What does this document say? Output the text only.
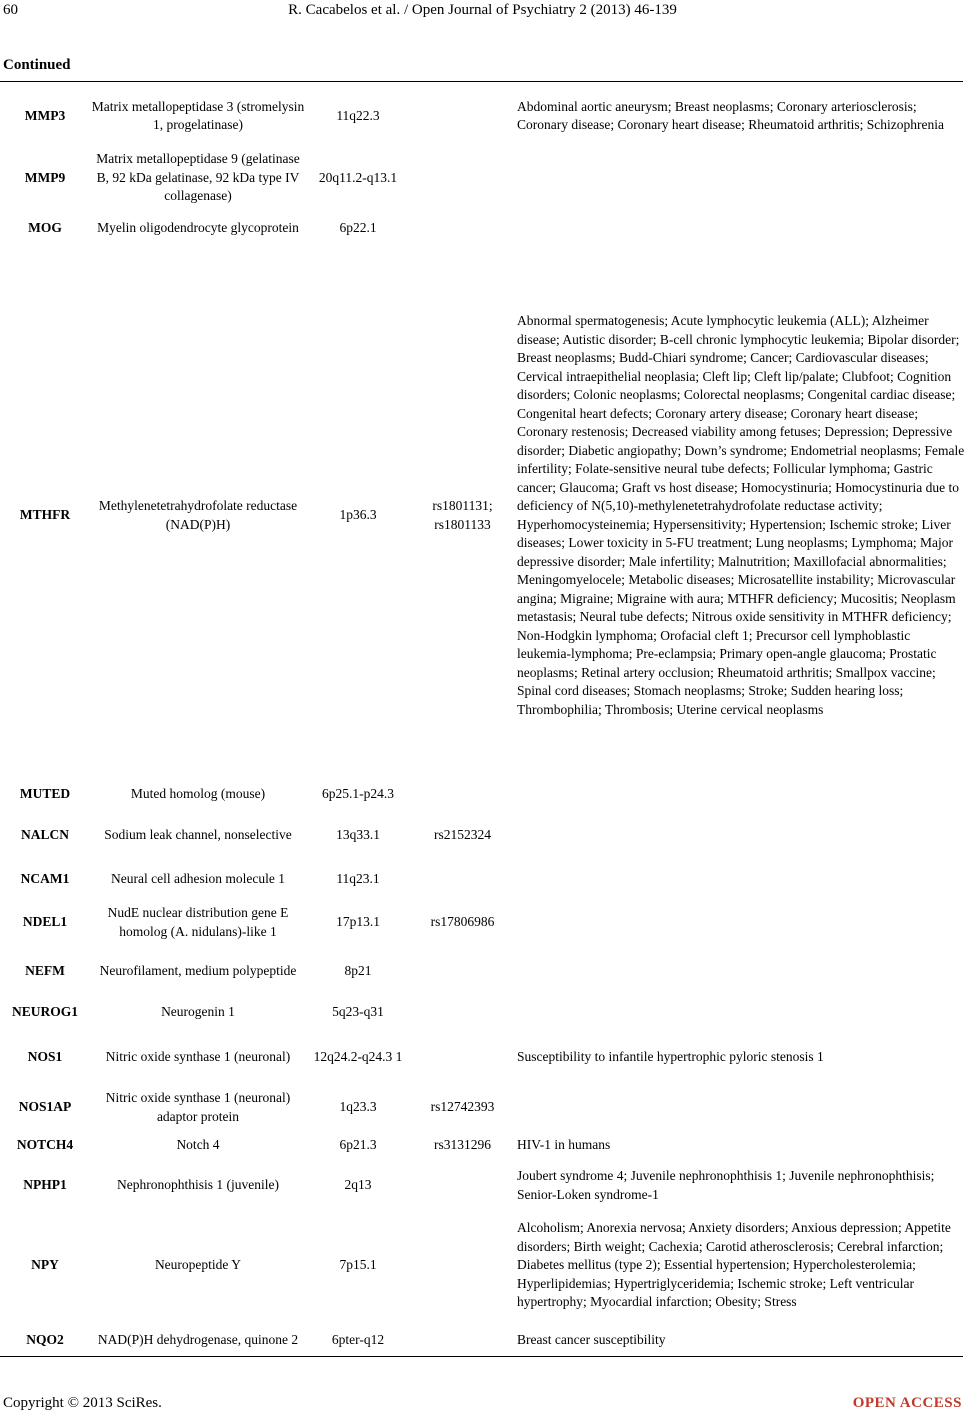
60	R. Cacabelos et al. / Open Journal of Psychiatry 2 (2013) 46-139
Continued
MMP3	Matrix metallopeptidase 3 (stromelysin 1, progelatinase)	11q22.3		Abdominal aortic aneurysm; Breast neoplasms; Coronary arteriosclerosis; Coronary disease; Coronary heart disease; Rheumatoid arthritis; Schizophrenia
MMP9	Matrix metallopeptidase 9 (gelatinase B, 92 kDa gelatinase, 92 kDa type IV collagenase)	20q11.2-q13.1		
MOG	Myelin oligodendrocyte glycoprotein	6p22.1		
MTHFR	Methylenetetrahydrofolate reductase (NAD(P)H)	1p36.3	rs1801131; rs1801133	Abnormal spermatogenesis; Acute lymphocytic leukemia (ALL); Alzheimer disease; Autistic disorder; B-cell chronic lymphocytic leukemia; Bipolar disorder; Breast neoplasms; Budd-Chiari syndrome; Cancer; Cardiovascular diseases; Cervical intraepithelial neoplasia; Cleft lip; Cleft lip/palate; Clubfoot; Cognition disorders; Colonic neoplasms; Colorectal neoplasms; Congenital cardiac disease; Congenital heart defects; Coronary artery disease; Coronary heart disease; Coronary restenosis; Decreased viability among fetuses; Depression; Depressive disorder; Diabetic angiopathy; Down’s syndrome; Endometrial neoplasms; Female infertility; Folate-sensitive neural tube defects; Follicular lymphoma; Gastric cancer; Glaucoma; Graft vs host disease; Homocystinuria; Homocystinuria due to deficiency of N(5,10)-methylenetetrahydrofolate reductase activity; Hyperhomocysteinemia; Hypersensitivity; Hypertension; Ischemic stroke; Liver diseases; Lower toxicity in 5-FU treatment; Lung neoplasms; Lymphoma; Major depressive disorder; Male infertility; Malnutrition; Maxillofacial abnormalities; Meningomyelocele; Metabolic diseases; Microsatellite instability; Microvascular angina; Migraine; Migraine with aura; MTHFR deficiency; Mucositis; Neoplasm metastasis; Neural tube defects; Nitrous oxide sensitivity in MTHFR deficiency; Non-Hodgkin lymphoma; Orofacial cleft 1; Precursor cell lymphoblastic leukemia-lymphoma; Pre-eclampsia; Primary open-angle glaucoma; Prostatic neoplasms; Retinal artery occlusion; Rheumatoid arthritis; Smallpox vaccine; Spinal cord diseases; Stomach neoplasms; Stroke; Sudden hearing loss; Thrombophilia; Thrombosis; Uterine cervical neoplasms
MUTED	Muted homolog (mouse)	6p25.1-p24.3		
NALCN	Sodium leak channel, nonselective	13q33.1	rs2152324	
NCAM1	Neural cell adhesion molecule 1	11q23.1		
NDEL1	NudE nuclear distribution gene E homolog (A. nidulans)-like 1	17p13.1	rs17806986	
NEFM	Neurofilament, medium polypeptide	8p21		
NEUROG1	Neurogenin 1	5q23-q31		
NOS1	Nitric oxide synthase 1 (neuronal)	12q24.2-q24.3 1		Susceptibility to infantile hypertrophic pyloric stenosis 1
NOS1AP	Nitric oxide synthase 1 (neuronal) adaptor protein	1q23.3	rs12742393	
NOTCH4	Notch 4	6p21.3	rs3131296	HIV-1 in humans
NPHP1	Nephronophthisis 1 (juvenile)	2q13		Joubert syndrome 4; Juvenile nephronophthisis 1; Juvenile nephronophthisis; Senior-Loken syndrome-1
NPY	Neuropeptide Y	7p15.1		Alcoholism; Anorexia nervosa; Anxiety disorders; Anxious depression; Appetite disorders; Birth weight; Cachexia; Carotid atherosclerosis; Cerebral infarction; Diabetes mellitus (type 2); Essential hypertension; Hypercholesterolemia; Hyperlipidemias; Hypertriglyceridemia; Ischemic stroke; Left ventricular hypertrophy; Myocardial infarction; Obesity; Stress
NQO2	NAD(P)H dehydrogenase, quinone 2	6pter-q12		Breast cancer susceptibility
Copyright © 2013 SciRes.	OPEN ACCESS
